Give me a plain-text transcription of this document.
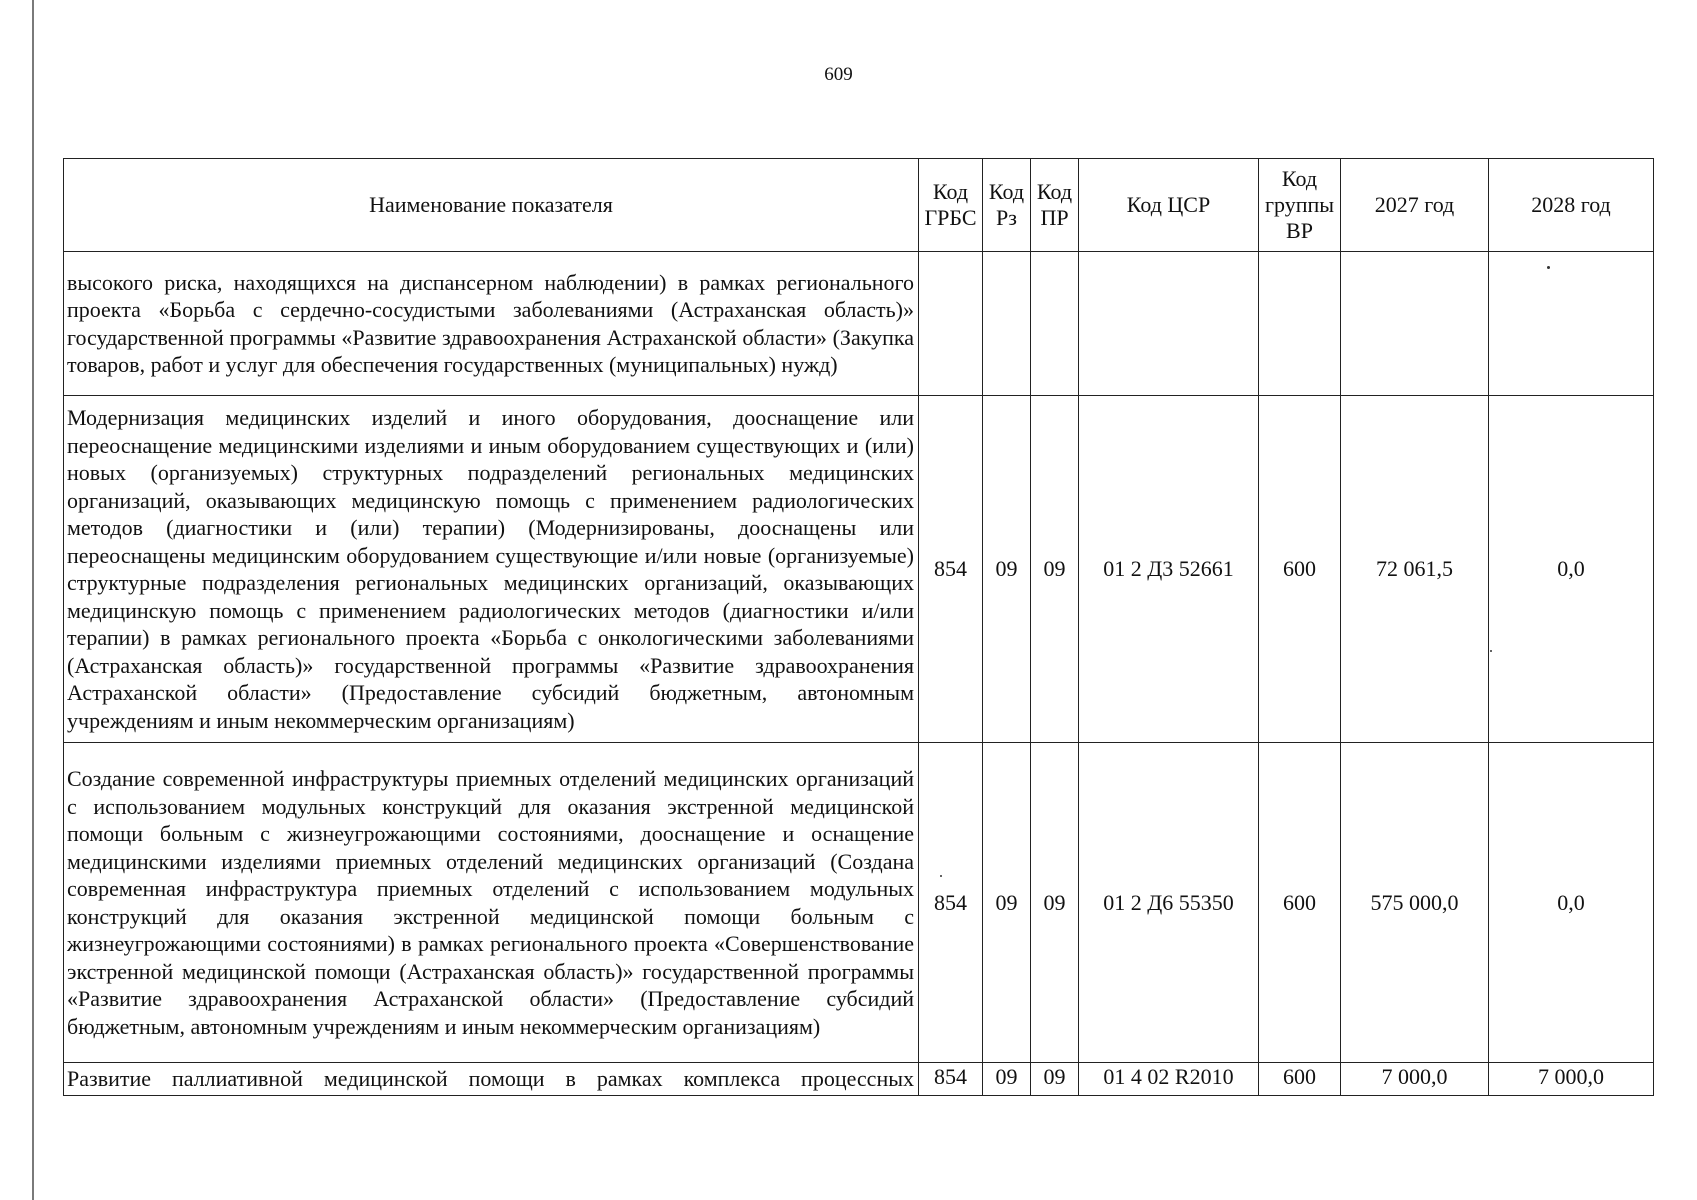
609
Наименование показателя	Код ГРБС	Код Рз	Код ПР	Код ЦСР	Код группы ВР	2027 год	2028 год
высокого риска, находящихся на диспансерном наблюдении) в рамках регионального проекта «Борьба с сердечно-сосудистыми заболеваниями (Астраханская область)» государственной программы «Развитие здравоохранения Астраханской области» (Закупка товаров, работ и услуг для обеспечения государственных (муниципальных) нужд)							
Модернизация медицинских изделий и иного оборудования, дооснащение или переоснащение медицинскими изделиями и иным оборудованием существующих и (или) новых (организуемых) структурных подразделений региональных медицинских организаций, оказывающих медицинскую помощь с применением радиологических методов (диагностики и (или) терапии) (Модернизированы, дооснащены или переоснащены медицинским оборудованием существующие и/или новые (организуемые) структурные подразделения региональных медицинских организаций, оказывающих медицинскую помощь с применением радиологических методов (диагностики и/или терапии) в рамках регионального проекта «Борьба с онкологическими заболеваниями (Астраханская область)» государственной программы «Развитие здравоохранения Астраханской области» (Предоставление субсидий бюджетным, автономным учреждениям и иным некоммерческим организациям)	854	09	09	01 2 Д3 52661	600	72 061,5	0,0
Создание современной инфраструктуры приемных отделений медицинских организаций с использованием модульных конструкций для оказания экстренной медицинской помощи больным с жизнеугрожающими состояниями, дооснащение и оснащение медицинскими изделиями приемных отделений медицинских организаций (Создана современная инфраструктура приемных отделений с использованием модульных конструкций для оказания экстренной медицинской помощи больным с жизнеугрожающими состояниями) в рамках регионального проекта «Совершенствование экстренной медицинской помощи (Астраханская область)» государственной программы «Развитие здравоохранения Астраханской области» (Предоставление субсидий бюджетным, автономным учреждениям и иным некоммерческим организациям)	854	09	09	01 2 Д6 55350	600	575 000,0	0,0
Развитие паллиативной медицинской помощи в рамках комплекса процессных	854	09	09	01 4 02 R2010	600	7 000,0	7 000,0
